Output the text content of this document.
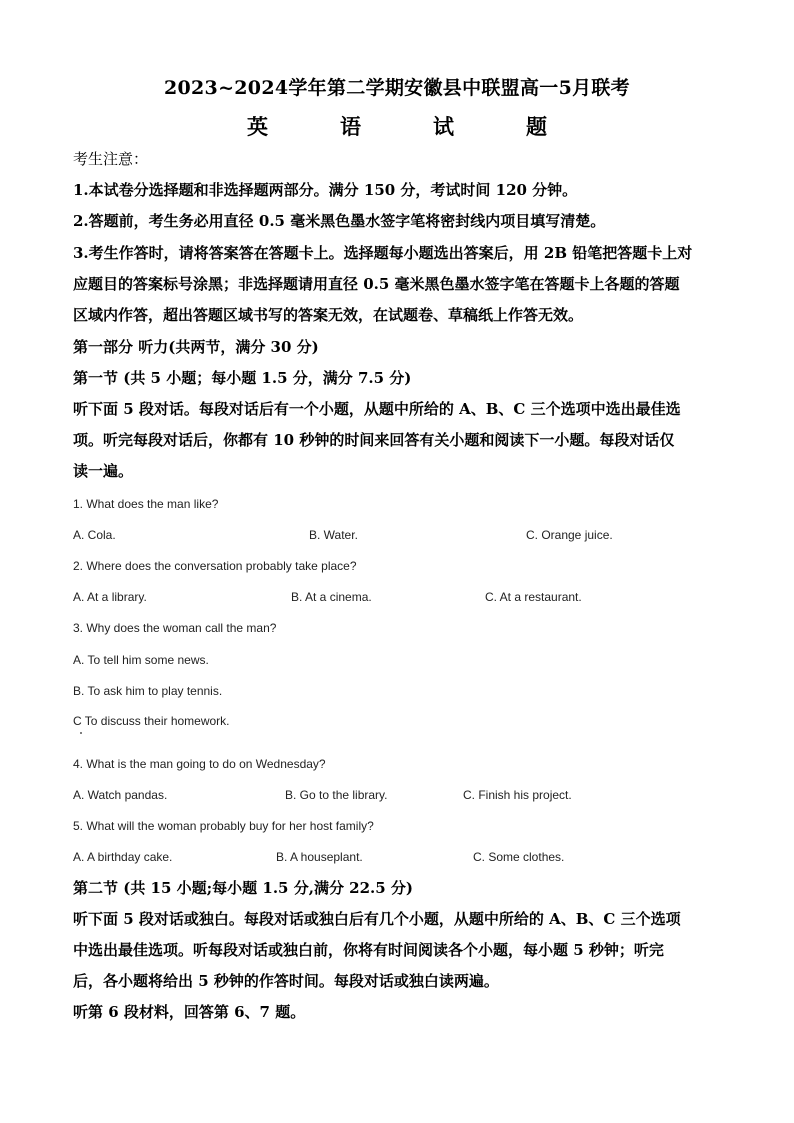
2023~2024学年第二学期安徽县中联盟高一5月联考
英	语	试	题
考生注意：
1.本试卷分选择题和非选择题两部分。满分 150 分，考试时间 120 分钟。
2.答题前，考生务必用直径 0.5 毫米黑色墨水签字笔将密封线内项目填写清楚。
3.考生作答时，请将答案答在答题卡上。选择题每小题选出答案后，用 2B 铅笔把答题卡上对
应题目的答案标号涂黑；非选择题请用直径 0.5 毫米黑色墨水签字笔在答题卡上各题的答题
区域内作答，超出答题区域书写的答案无效，在试题卷、草稿纸上作答无效。
第一部分 听力(共两节，满分 30 分)
第一节 (共 5 小题；每小题 1.5 分，满分 7.5 分)
听下面 5 段对话。每段对话后有一个小题，从题中所给的 A、B、C 三个选项中选出最佳选
项。听完每段对话后，你都有 10 秒钟的时间来回答有关小题和阅读下一小题。每段对话仅
读一遍。
1. What does the man like?
A. Cola.	B. Water.	C. Orange juice.
2. Where does the conversation probably take place?
A. At a library.	B. At a cinema.	C. At a restaurant.
3. Why does the woman call the man?
A. To tell him some news.
B. To ask him to play tennis.
C To discuss their homework.
4. What is the man going to do on Wednesday?
A. Watch pandas.	B. Go to the library.	C. Finish his project.
5. What will the woman probably buy for her host family?
A. A birthday cake.	B. A houseplant.	C. Some clothes.
第二节 (共 15 小题;每小题 1.5 分,满分 22.5 分)
听下面 5 段对话或独白。每段对话或独白后有几个小题，从题中所给的 A、B、C 三个选项
中选出最佳选项。听每段对话或独白前，你将有时间阅读各个小题，每小题 5 秒钟；听完
后，各小题将给出 5 秒钟的作答时间。每段对话或独白读两遍。
听第 6 段材料，回答第 6、7 题。
